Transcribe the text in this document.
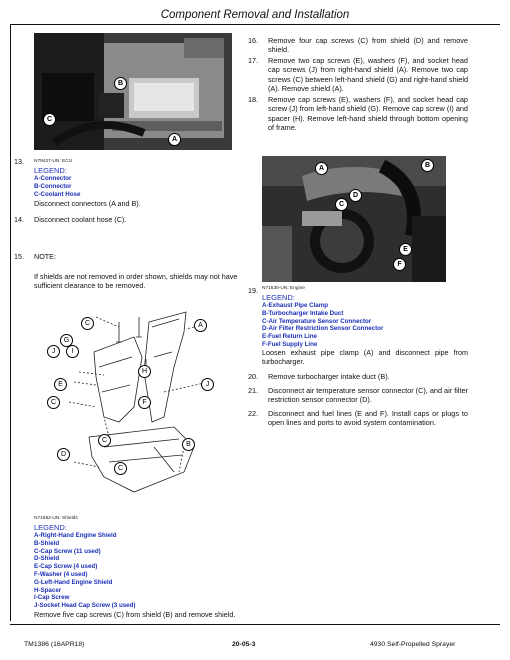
Component Removal and Installation
B
C
A
16. Remove four cap screws (C) from shield (D) and remove shield.
17. Remove two cap screws (E), washers (F), and socket head cap screws (J) from right-hand shield (A). Remove two cap screws (C) between left-hand shield (G) and right-hand shield (A). Remove shield (A).
18. Remove cap screws (E), washers (F), and socket head cap screw (J) from left-hand shield (G). Remove cap screw (I) and spacer (H). Remove left-hand shield through bottom opening of frame.
13. N79427-UN: ECU
LEGEND:
A-Connector
B-Connector
C-Coolant Hose
Disconnect connectors (A and B).
14. Disconnect coolant hose (C).
15. NOTE:
If shields are not removed in order shown, shields may not have sufficient clearance to be removed.
A	B
C
D
E
F
19. N71630-UN: Engine
LEGEND:
A-Exhaust Pipe Clamp
B-Turbocharger Intake Duct
C-Air Temperature Sensor Connector
D-Air Filter Restriction Sensor Connector
E-Fuel Return Line
F-Fuel Supply Line
Loosen exhaust pipe clamp (A) and disconnect pipe from turbocharger.
20. Remove turbocharger intake duct (B).
21. Disconnect air temperature sensor connector (C), and air filter restriction sensor connector (D).
22. Disconnect and fuel lines (E and F). Install caps or plugs to open lines and ports to avoid system contamination.
C	A
G
I
J
H
E	J
C	F
C
B
D
C
N71682-UN: Shields
LEGEND:
A-Right-Hand Engine Shield
B-Shield
C-Cap Screw (11 used)
D-Shield
E-Cap Screw (4 used)
F-Washer (4 used)
G-Left-Hand Engine Shield
H-Spacer
I-Cap Screw
J-Socket Head Cap Screw (3 used)
Remove five cap screws (C) from shield (B) and remove shield.
TM1386 (16APR18)	20-05-3	4930 Self-Propelled Sprayer
